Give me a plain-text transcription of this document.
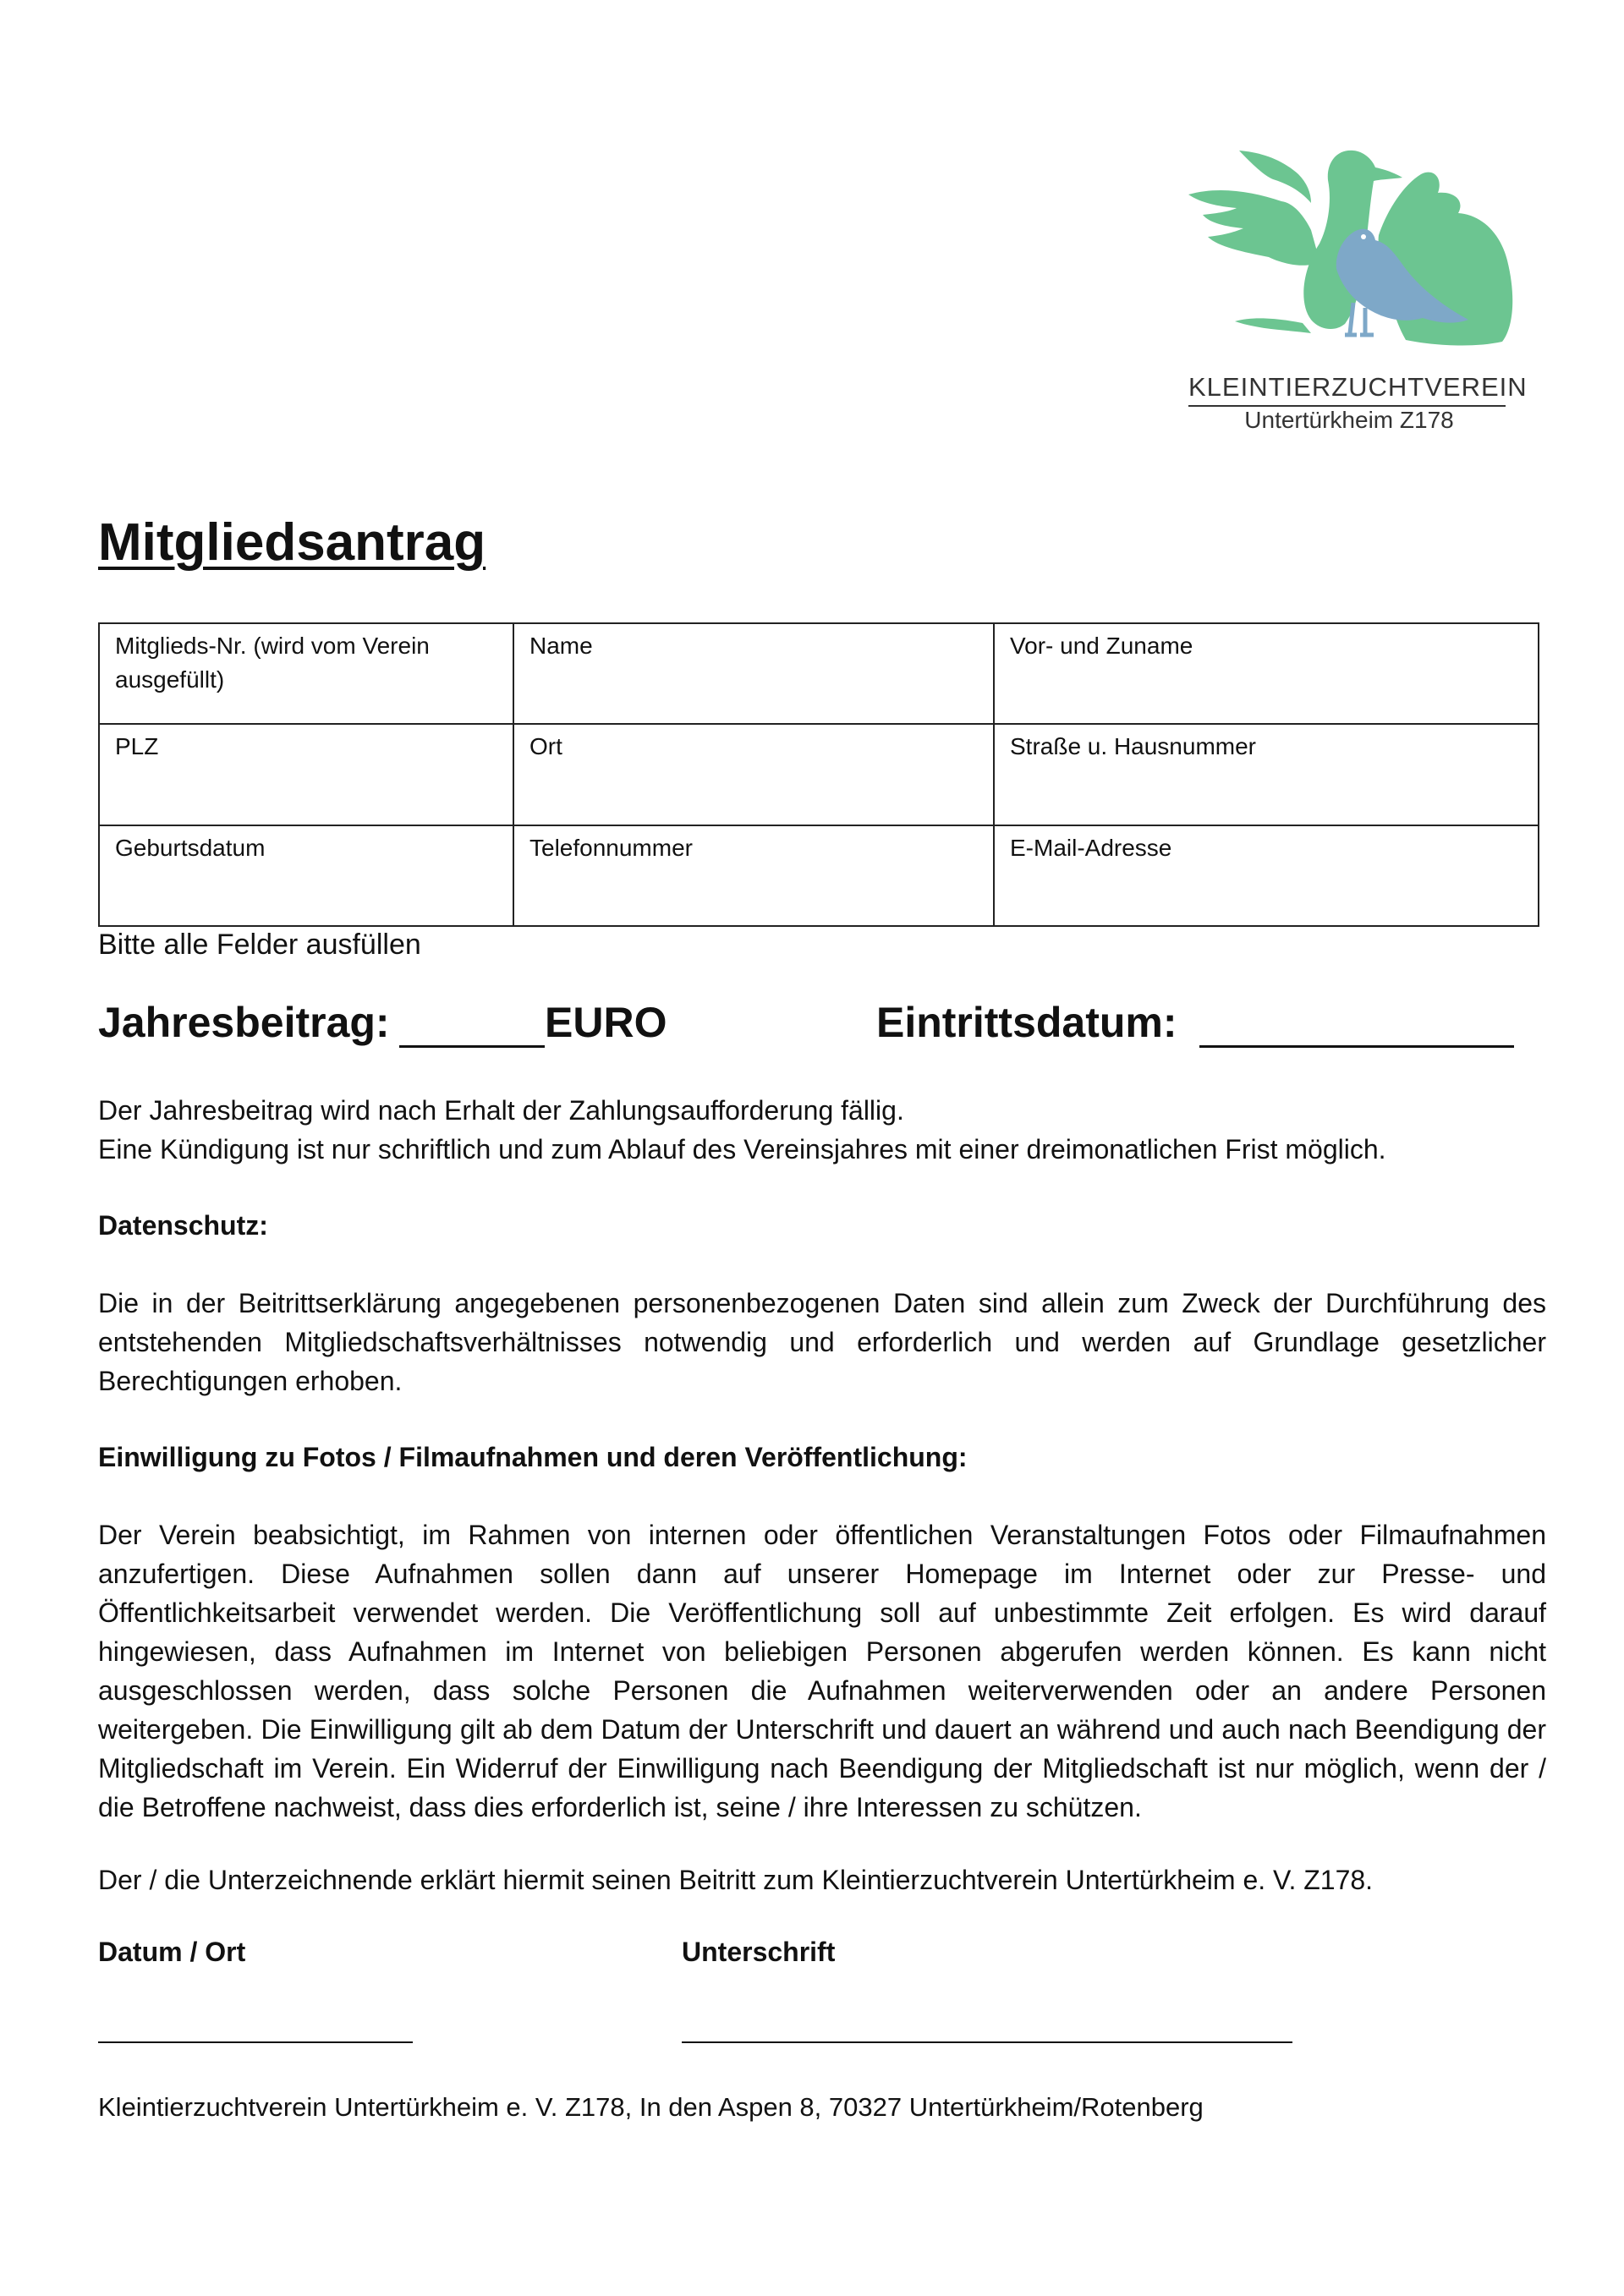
KLEINTIERZUCHTVEREIN
Untertürkheim Z178
Mitgliedsantrag
Mitglieds-Nr. (wird vom Verein ausgefüllt)	Name	Vor- und Zuname
PLZ	Ort	Straße u. Hausnummer
Geburtsdatum	Telefonnummer	E-Mail-Adresse
Bitte alle Felder ausfüllen
Jahresbeitrag:	EURO	Eintrittsdatum:

Der Jahresbeitrag wird nach Erhalt der Zahlungsaufforderung fällig.

Eine Kündigung ist nur schriftlich und zum Ablauf des Vereinsjahres mit einer dreimonatlichen Frist möglich.

Datenschutz:

Die in der Beitrittserklärung angegebenen personenbezogenen Daten sind allein zum Zweck der Durchführung des entstehenden Mitgliedschaftsverhältnisses notwendig und erforderlich und werden auf Grundlage gesetzlicher Berechtigungen erhoben.

Einwilligung zu Fotos / Filmaufnahmen und deren Veröffentlichung:

Der Verein beabsichtigt, im Rahmen von internen oder öffentlichen Veranstaltungen Fotos oder Filmaufnahmen anzufertigen. Diese Aufnahmen sollen dann auf unserer Homepage im Internet oder zur Presse- und Öffentlichkeitsarbeit verwendet werden. Die Veröffentlichung soll auf unbestimmte Zeit erfolgen. Es wird darauf hingewiesen, dass Aufnahmen im Internet von beliebigen Personen abgerufen werden können. Es kann nicht ausgeschlossen werden, dass solche Personen die Aufnahmen weiterverwenden oder an andere Personen weitergeben. Die Einwilligung gilt ab dem Datum der Unterschrift und dauert an während und auch nach Beendigung der Mitgliedschaft im Verein. Ein Widerruf der Einwilligung nach Beendigung der Mitgliedschaft ist nur möglich, wenn der / die Betroffene nachweist, dass dies erforderlich ist, seine / ihre Interessen zu schützen.

Der / die Unterzeichnende erklärt hiermit seinen Beitritt zum Kleintierzuchtverein Untertürkheim e. V. Z178.

Datum / Ort	Unterschrift
Kleintierzuchtverein Untertürkheim e. V. Z178, In den Aspen 8, 70327 Untertürkheim/Rotenberg
